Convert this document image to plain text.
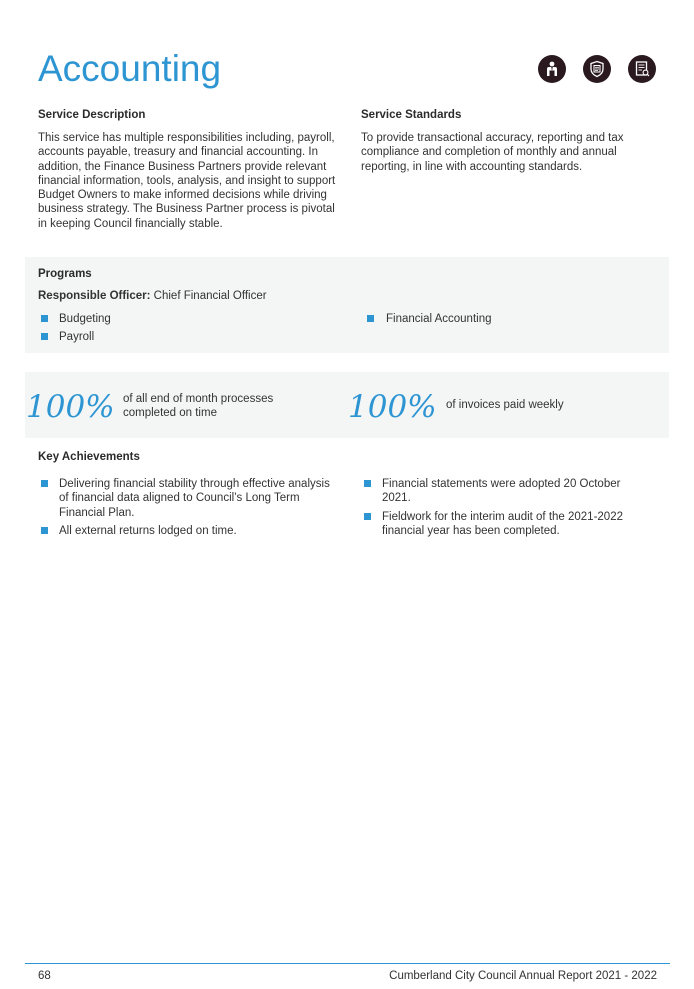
Accounting
Service Description

This service has multiple responsibilities including, payroll, accounts payable, treasury and financial accounting. In addition, the Finance Business Partners provide relevant financial information, tools, analysis, and insight to support Budget Owners to make informed decisions while driving business strategy. The Business Partner process is pivotal in keeping Council financially stable.

Service Standards

To provide transactional accuracy, reporting and tax compliance and completion of monthly and annual reporting, in line with accounting standards.

Programs

Responsible Officer: Chief Financial Officer

Budgeting
Payroll
Financial Accounting
100% of all end of month processes completed on time	100% of invoices paid weekly

Key Achievements
Delivering financial stability through effective analysis of financial data aligned to Council’s Long Term Financial Plan.
All external returns lodged on time.
Financial statements were adopted 20 October 2021.
Fieldwork for the interim audit of the 2021-2022 financial year has been completed.
68	Cumberland City Council Annual Report 2021 - 2022
